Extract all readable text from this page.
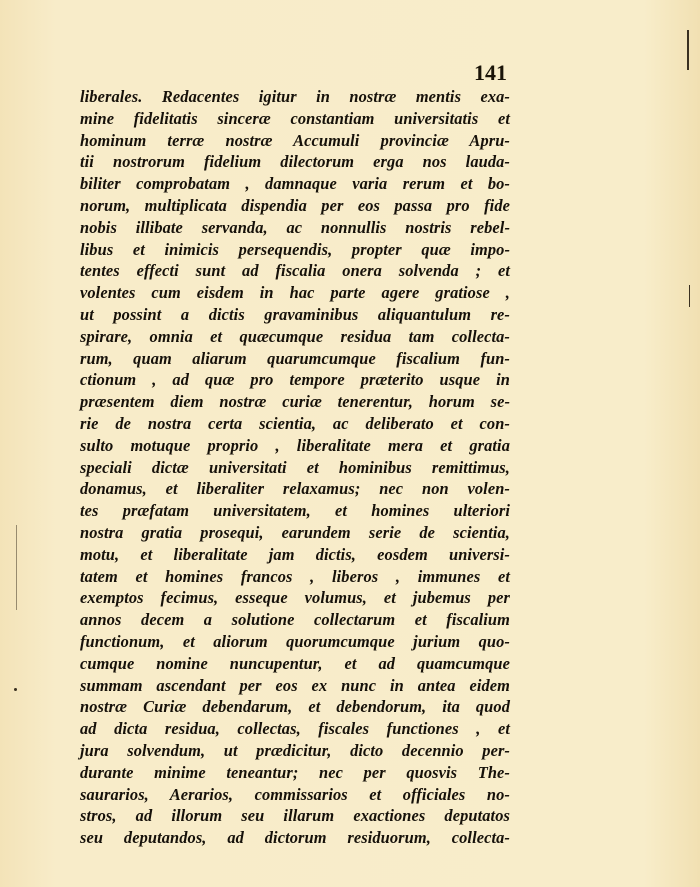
141
liberales. Redacentes igitur in nostræ mentis exa-
mine fidelitatis sinceræ constantiam universitatis et
hominum terræ nostræ Accumuli provinciæ Apru-
tii nostrorum fidelium dilectorum erga nos lauda-
biliter comprobatam , damnaque varia rerum et bo-
norum, multiplicata dispendia per eos passa pro fide
nobis illibate servanda, ac nonnullis nostris rebel-
libus et inimicis persequendis, propter quæ impo-
tentes effecti sunt ad fiscalia onera solvenda ; et
volentes cum eisdem in hac parte agere gratiose ,
ut possint a dictis gravaminibus aliquantulum re-
spirare, omnia et quæcumque residua tam collecta-
rum, quam aliarum quarumcumque fiscalium fun-
ctionum , ad quæ pro tempore præterito usque in
præsentem diem nostræ curiæ tenerentur, horum se-
rie de nostra certa scientia, ac deliberato et con-
sulto motuque proprio , liberalitate mera et gratia
speciali dictæ universitati et hominibus remittimus,
donamus, et liberaliter relaxamus; nec non volen-
tes præfatam universitatem, et homines ulteriori
nostra gratia prosequi, earundem serie de scientia,
motu, et liberalitate jam dictis, eosdem universi-
tatem et homines francos , liberos , immunes et
exemptos fecimus, esseque volumus, et jubemus per
annos decem a solutione collectarum et fiscalium
functionum, et aliorum quorumcumque jurium quo-
cumque nomine nuncupentur, et ad quamcumque
summam ascendant per eos ex nunc in antea eidem
nostræ Curiæ debendarum, et debendorum, ita quod
ad dicta residua, collectas, fiscales functiones , et
jura solvendum, ut prædicitur, dicto decennio per-
durante minime teneantur; nec per quosvis The-
saurarios, Aerarios, commissarios et officiales no-
stros, ad illorum seu illarum exactiones deputatos
seu deputandos, ad dictorum residuorum, collecta-
